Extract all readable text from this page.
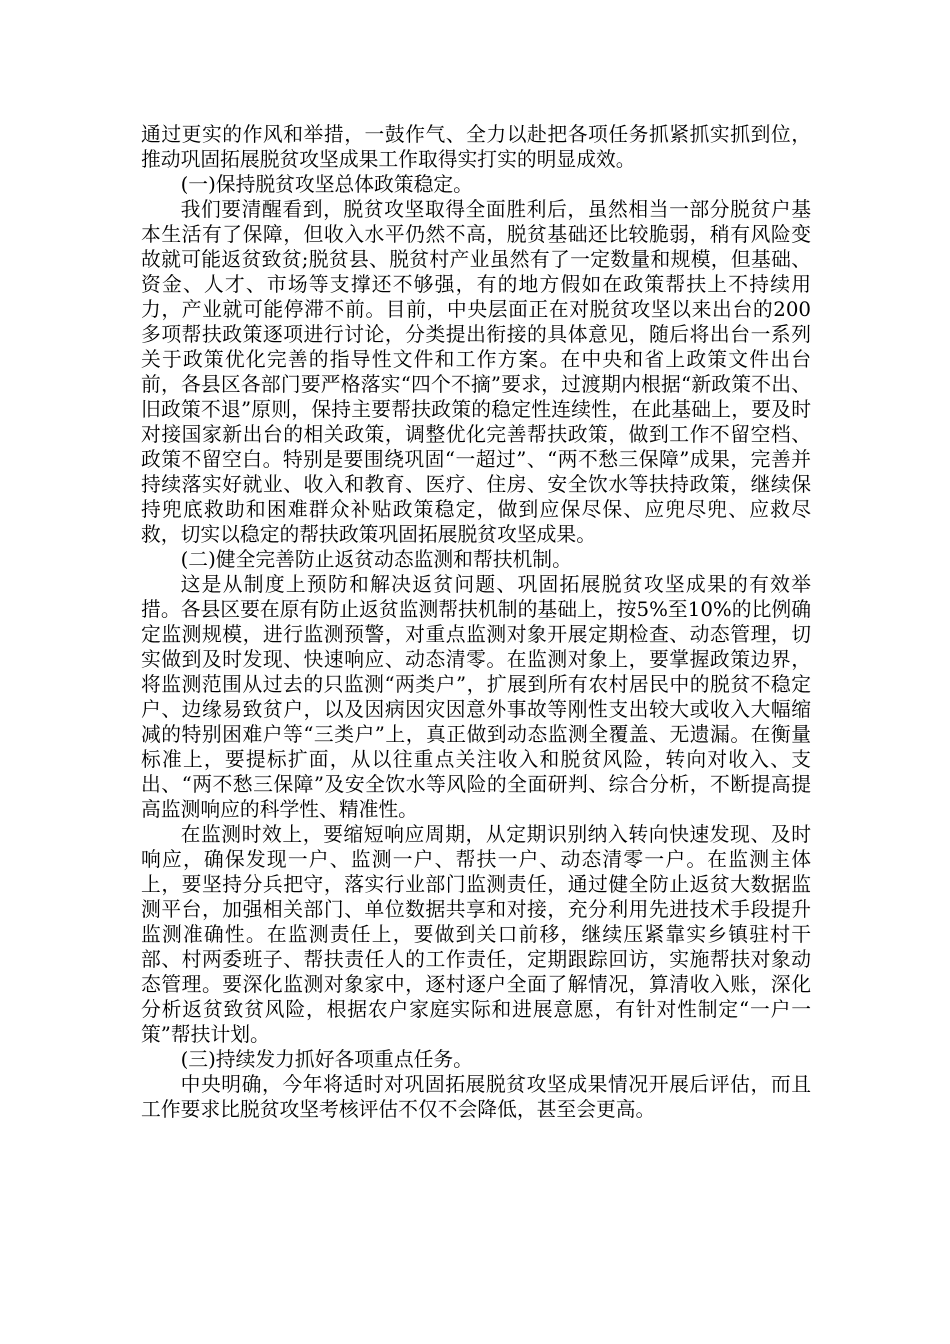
通过更实的作风和举措，一鼓作气、全力以赴把各项任务抓紧抓实抓到位，推动巩固拓展脱贫攻坚成果工作取得实打实的明显成效。

(一)保持脱贫攻坚总体政策稳定。

我们要清醒看到，脱贫攻坚取得全面胜利后，虽然相当一部分脱贫户基本生活有了保障，但收入水平仍然不高，脱贫基础还比较脆弱，稍有风险变故就可能返贫致贫;脱贫县、脱贫村产业虽然有了一定数量和规模，但基础、资金、人才、市场等支撑还不够强，有的地方假如在政策帮扶上不持续用力，产业就可能停滞不前。目前，中央层面正在对脱贫攻坚以来出台的200多项帮扶政策逐项进行讨论，分类提出衔接的具体意见，随后将出台一系列关于政策优化完善的指导性文件和工作方案。在中央和省上政策文件出台前，各县区各部门要严格落实“四个不摘”要求，过渡期内根据“新政策不出、旧政策不退”原则，保持主要帮扶政策的稳定性连续性，在此基础上，要及时对接国家新出台的相关政策，调整优化完善帮扶政策，做到工作不留空档、政策不留空白。特别是要围绕巩固“一超过”、“两不愁三保障”成果，完善并持续落实好就业、收入和教育、医疗、住房、安全饮水等扶持政策，继续保持兜底救助和困难群众补贴政策稳定，做到应保尽保、应兜尽兜、应救尽救，切实以稳定的帮扶政策巩固拓展脱贫攻坚成果。

(二)健全完善防止返贫动态监测和帮扶机制。

这是从制度上预防和解决返贫问题、巩固拓展脱贫攻坚成果的有效举措。各县区要在原有防止返贫监测帮扶机制的基础上，按5%至10%的比例确定监测规模，进行监测预警，对重点监测对象开展定期检查、动态管理，切实做到及时发现、快速响应、动态清零。在监测对象上，要掌握政策边界，将监测范围从过去的只监测“两类户”，扩展到所有农村居民中的脱贫不稳定户、边缘易致贫户，以及因病因灾因意外事故等刚性支出较大或收入大幅缩减的特别困难户等“三类户”上，真正做到动态监测全覆盖、无遗漏。在衡量标准上，要提标扩面，从以往重点关注收入和脱贫风险，转向对收入、支出、“两不愁三保障”及安全饮水等风险的全面研判、综合分析，不断提高提高监测响应的科学性、精准性。

在监测时效上，要缩短响应周期，从定期识别纳入转向快速发现、及时响应，确保发现一户、监测一户、帮扶一户、动态清零一户。在监测主体上，要坚持分兵把守，落实行业部门监测责任，通过健全防止返贫大数据监测平台，加强相关部门、单位数据共享和对接，充分利用先进技术手段提升监测准确性。在监测责任上，要做到关口前移，继续压紧靠实乡镇驻村干部、村两委班子、帮扶责任人的工作责任，定期跟踪回访，实施帮扶对象动态管理。要深化监测对象家中，逐村逐户全面了解情况，算清收入账，深化分析返贫致贫风险，根据农户家庭实际和进展意愿，有针对性制定“一户一策”帮扶计划。

(三)持续发力抓好各项重点任务。

中央明确，今年将适时对巩固拓展脱贫攻坚成果情况开展后评估，而且工作要求比脱贫攻坚考核评估不仅不会降低，甚至会更高。
